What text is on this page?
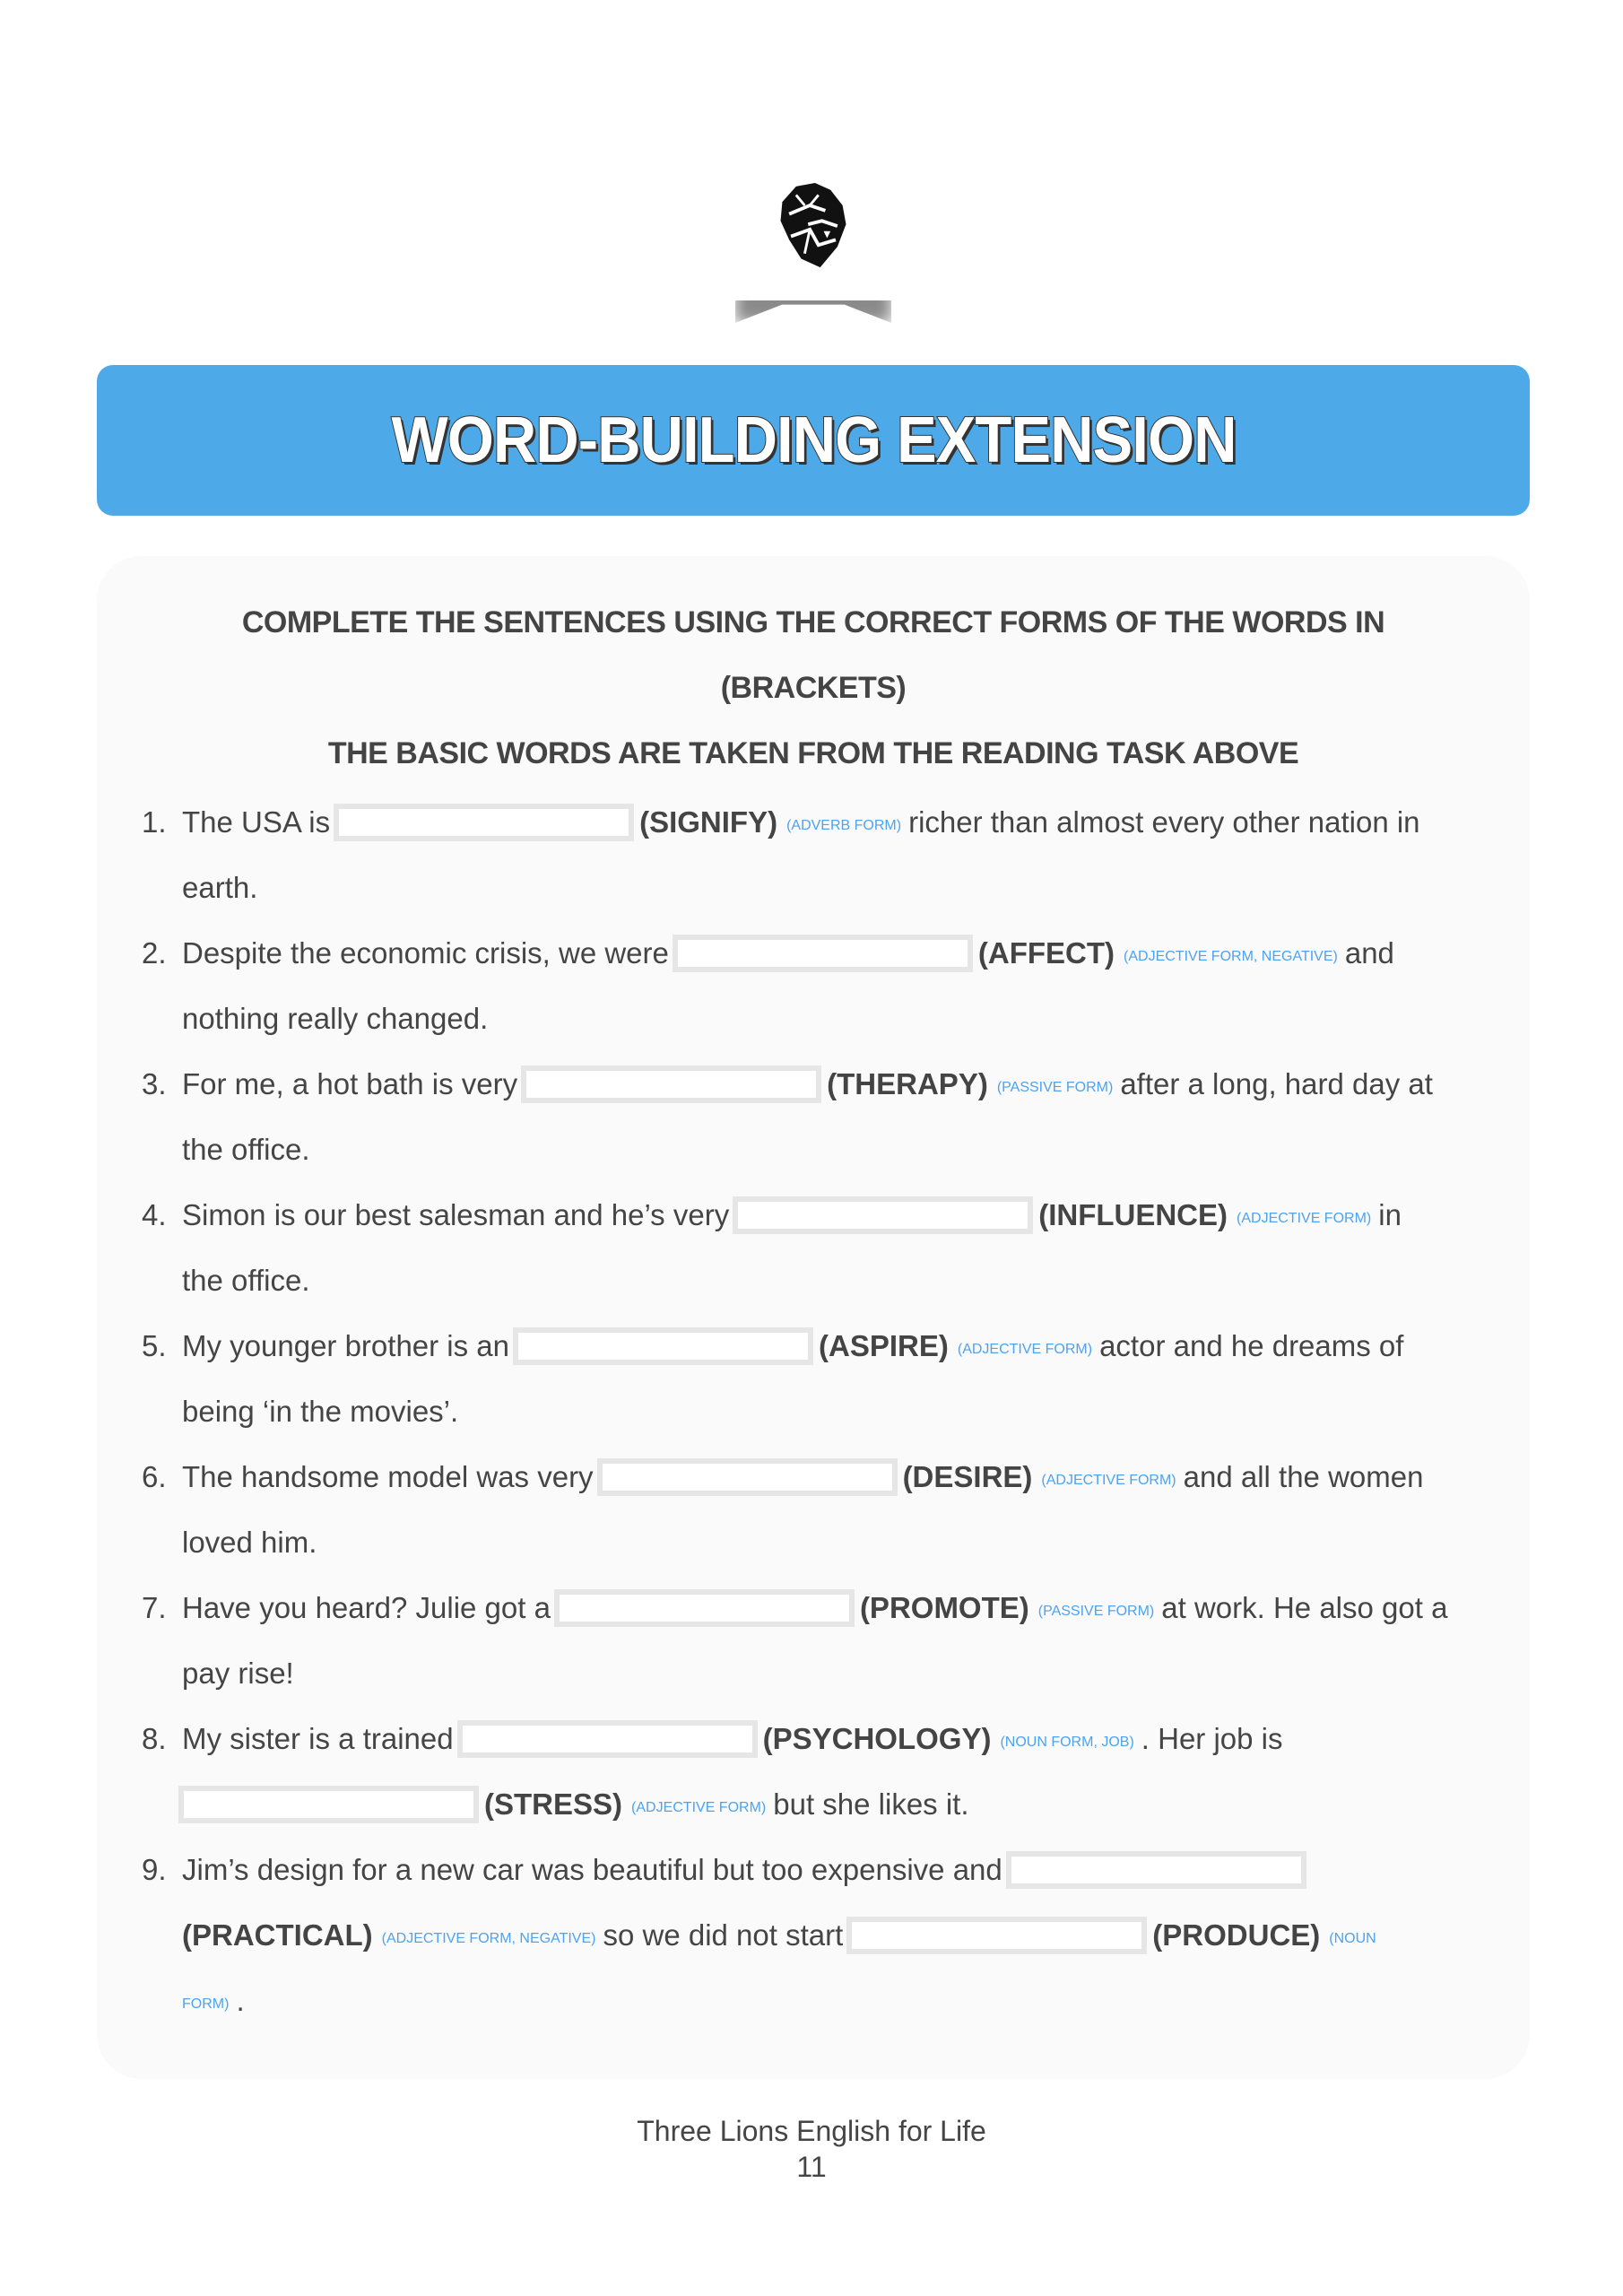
WORD-BUILDING EXTENSION
COMPLETE THE SENTENCES USING THE CORRECT FORMS OF THE WORDS IN
(BRACKETS)
THE BASIC WORDS ARE TAKEN FROM THE READING TASK ABOVE
1. The USA is	(SIGNIFY) (ADVERB FORM) richer than almost every other nation in
earth.
2. Despite the economic crisis, we were	(AFFECT) (ADJECTIVE FORM, NEGATIVE) and
nothing really changed.
3. For me, a hot bath is very	(THERAPY) (PASSIVE FORM) after a long, hard day at
the office.
4. Simon is our best salesman and he’s very	(INFLUENCE) (ADJECTIVE FORM) in
the office.
5. My younger brother is an	(ASPIRE) (ADJECTIVE FORM) actor and he dreams of
being ‘in the movies’.
6. The handsome model was very	(DESIRE) (ADJECTIVE FORM) and all the women
loved him.
7. Have you heard? Julie got a	(PROMOTE) (PASSIVE FORM) at work. He also got a
pay rise!
8. My sister is a trained	(PSYCHOLOGY) (NOUN FORM, JOB) . Her job is
(STRESS) (ADJECTIVE FORM) but she likes it.
9. Jim’s design for a new car was beautiful but too expensive and
(PRACTICAL) (ADJECTIVE FORM, NEGATIVE) so we did not start	(PRODUCE) (NOUN
FORM) .
Three Lions English for Life
11
